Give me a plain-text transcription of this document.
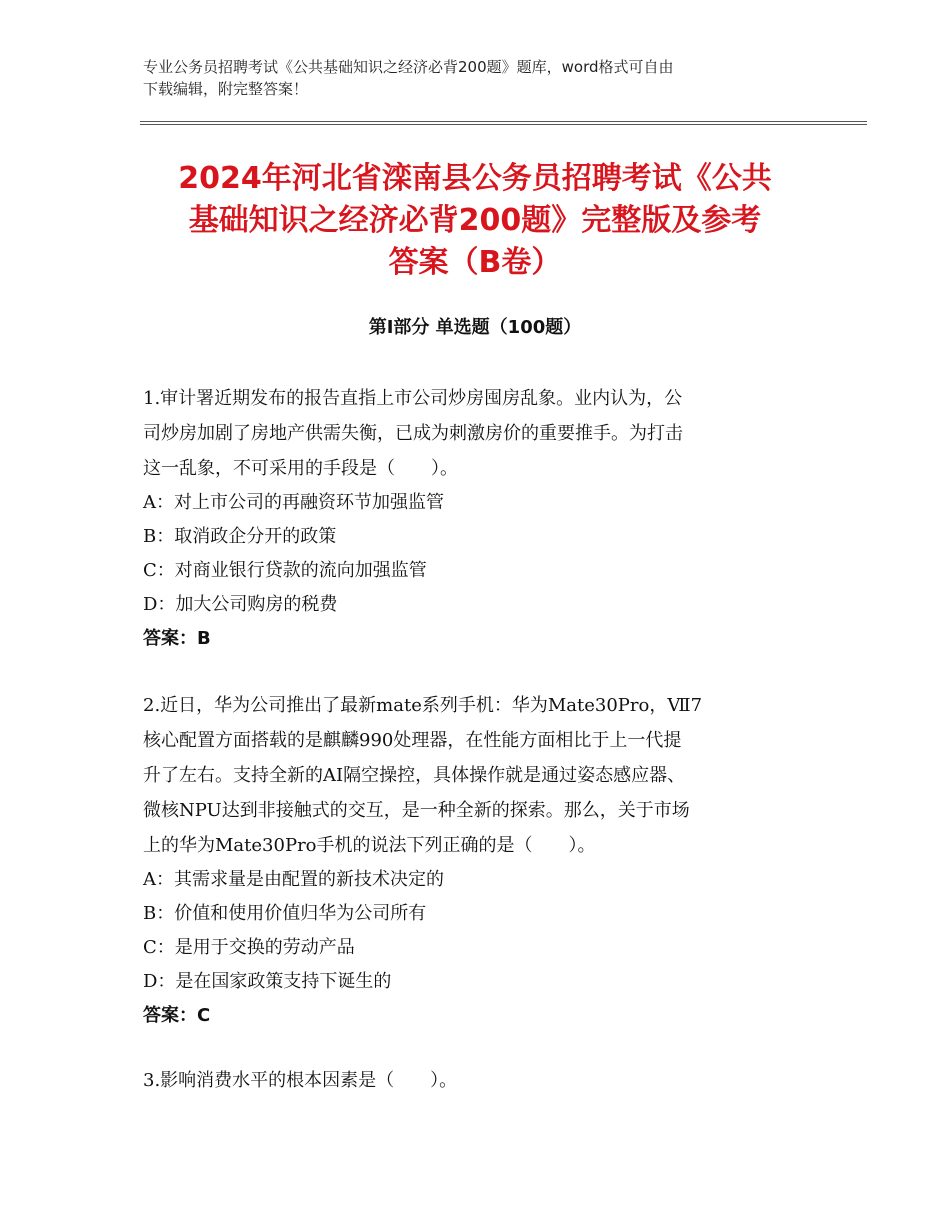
专业公务员招聘考试《公共基础知识之经济必背200题》题库，word格式可自由
下载编辑，附完整答案！
2024年河北省滦南县公务员招聘考试《公共
基础知识之经济必背200题》完整版及参考
答案（B卷）
第Ⅰ部分 单选题（100题）
1.审计署近期发布的报告直指上市公司炒房囤房乱象。业内认为，公
司炒房加剧了房地产供需失衡，已成为刺激房价的重要推手。为打击
这一乱象，不可采用的手段是（　　）。
A：对上市公司的再融资环节加强监管
B：取消政企分开的政策
C：对商业银行贷款的流向加强监管
D：加大公司购房的税费
答案：B
2.近日，华为公司推出了最新mate系列手机：华为Mate30Pro，Ⅶ7
核心配置方面搭载的是麒麟990处理器，在性能方面相比于上一代提
升了左右。支持全新的AI隔空操控，具体操作就是通过姿态感应器、
微核NPU达到非接触式的交互，是一种全新的探索。那么，关于市场
上的华为Mate30Pro手机的说法下列正确的是（　　）。
A：其需求量是由配置的新技术决定的
B：价值和使用价值归华为公司所有
C：是用于交换的劳动产品
D：是在国家政策支持下诞生的
答案：C
3.影响消费水平的根本因素是（　　）。
